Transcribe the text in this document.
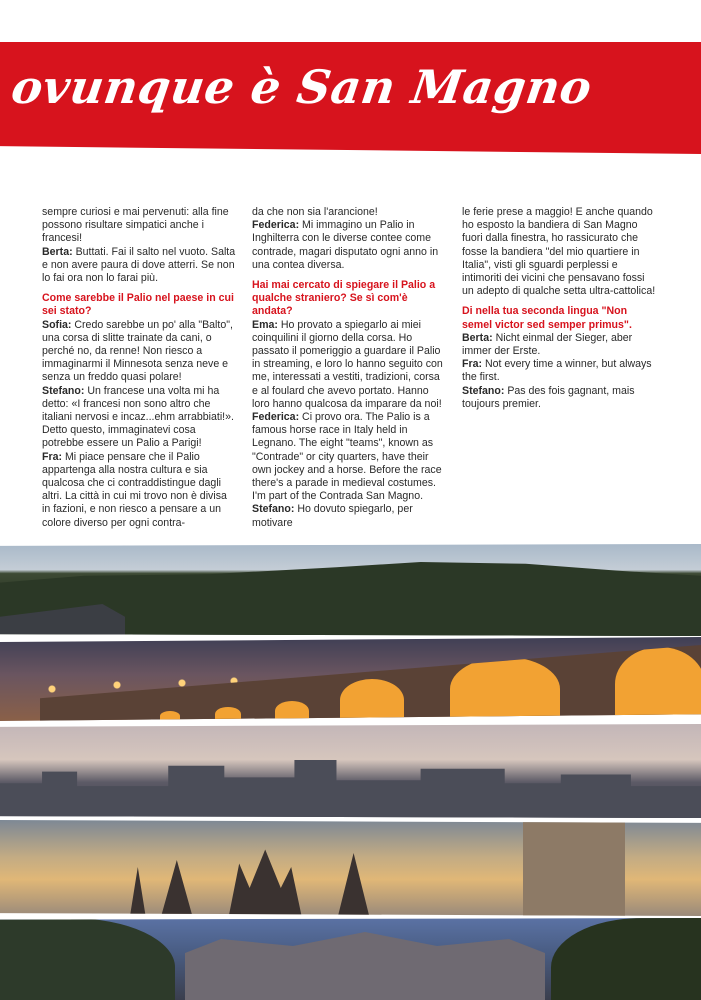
ovunque è San Magno

sempre curiosi e mai pervenuti: alla fine possono risultare simpatici anche i francesi!

Berta: Buttati. Fai il salto nel vuoto. Salta e non avere paura di dove atterri. Se non lo fai ora non lo farai più.

Come sarebbe il Palio nel paese in cui sei stato?

Sofia: Credo sarebbe un po' alla "Balto", una corsa di slitte trainate da cani, o perché no, da renne! Non riesco a immaginarmi il Minnesota senza neve e senza un freddo quasi polare!

Stefano: Un francese una volta mi ha detto: «I francesi non sono altro che italiani nervosi e incaz...ehm arrabbiati!». Detto questo, immaginatevi cosa potrebbe essere un Palio a Parigi!

Fra: Mi piace pensare che il Palio appartenga alla nostra cultura e sia qualcosa che ci contraddistingue dagli altri. La città in cui mi trovo non è divisa in fazioni, e non riesco a pensare a un colore diverso per ogni contra-

da che non sia l'arancione!

Federica: Mi immagino un Palio in Inghilterra con le diverse contee come contrade, magari disputato ogni anno in una contea diversa.

Hai mai cercato di spiegare il Palio a qualche straniero? Se sì com'è andata?

Ema: Ho provato a spiegarlo ai miei coinquilini il giorno della corsa. Ho passato il pomeriggio a guardare il Palio in streaming, e loro lo hanno seguito con me, interessati a vestiti, tradizioni, corsa e al foulard che avevo portato. Hanno loro hanno qualcosa da imparare da noi!

Federica: Ci provo ora. The Palio is a famous horse race in Italy held in Legnano. The eight "teams", known as "Contrade" or city quarters, have their own jockey and a horse. Before the race there's a parade in medieval costumes. I'm part of the Contrada San Magno.

Stefano: Ho dovuto spiegarlo, per motivare

le ferie prese a maggio! E anche quando ho esposto la bandiera di San Magno fuori dalla finestra, ho rassicurato che fosse la bandiera "del mio quartiere in Italia", visti gli sguardi perplessi e intimoriti dei vicini che pensavano fossi un adepto di qualche setta ultra-cattolica!

Di nella tua seconda lingua "Non semel victor sed semper primus".

Berta: Nicht einmal der Sieger, aber immer der Erste.

Fra: Not every time a winner, but always the first.

Stefano: Pas des fois gagnant, mais toujours premier.
